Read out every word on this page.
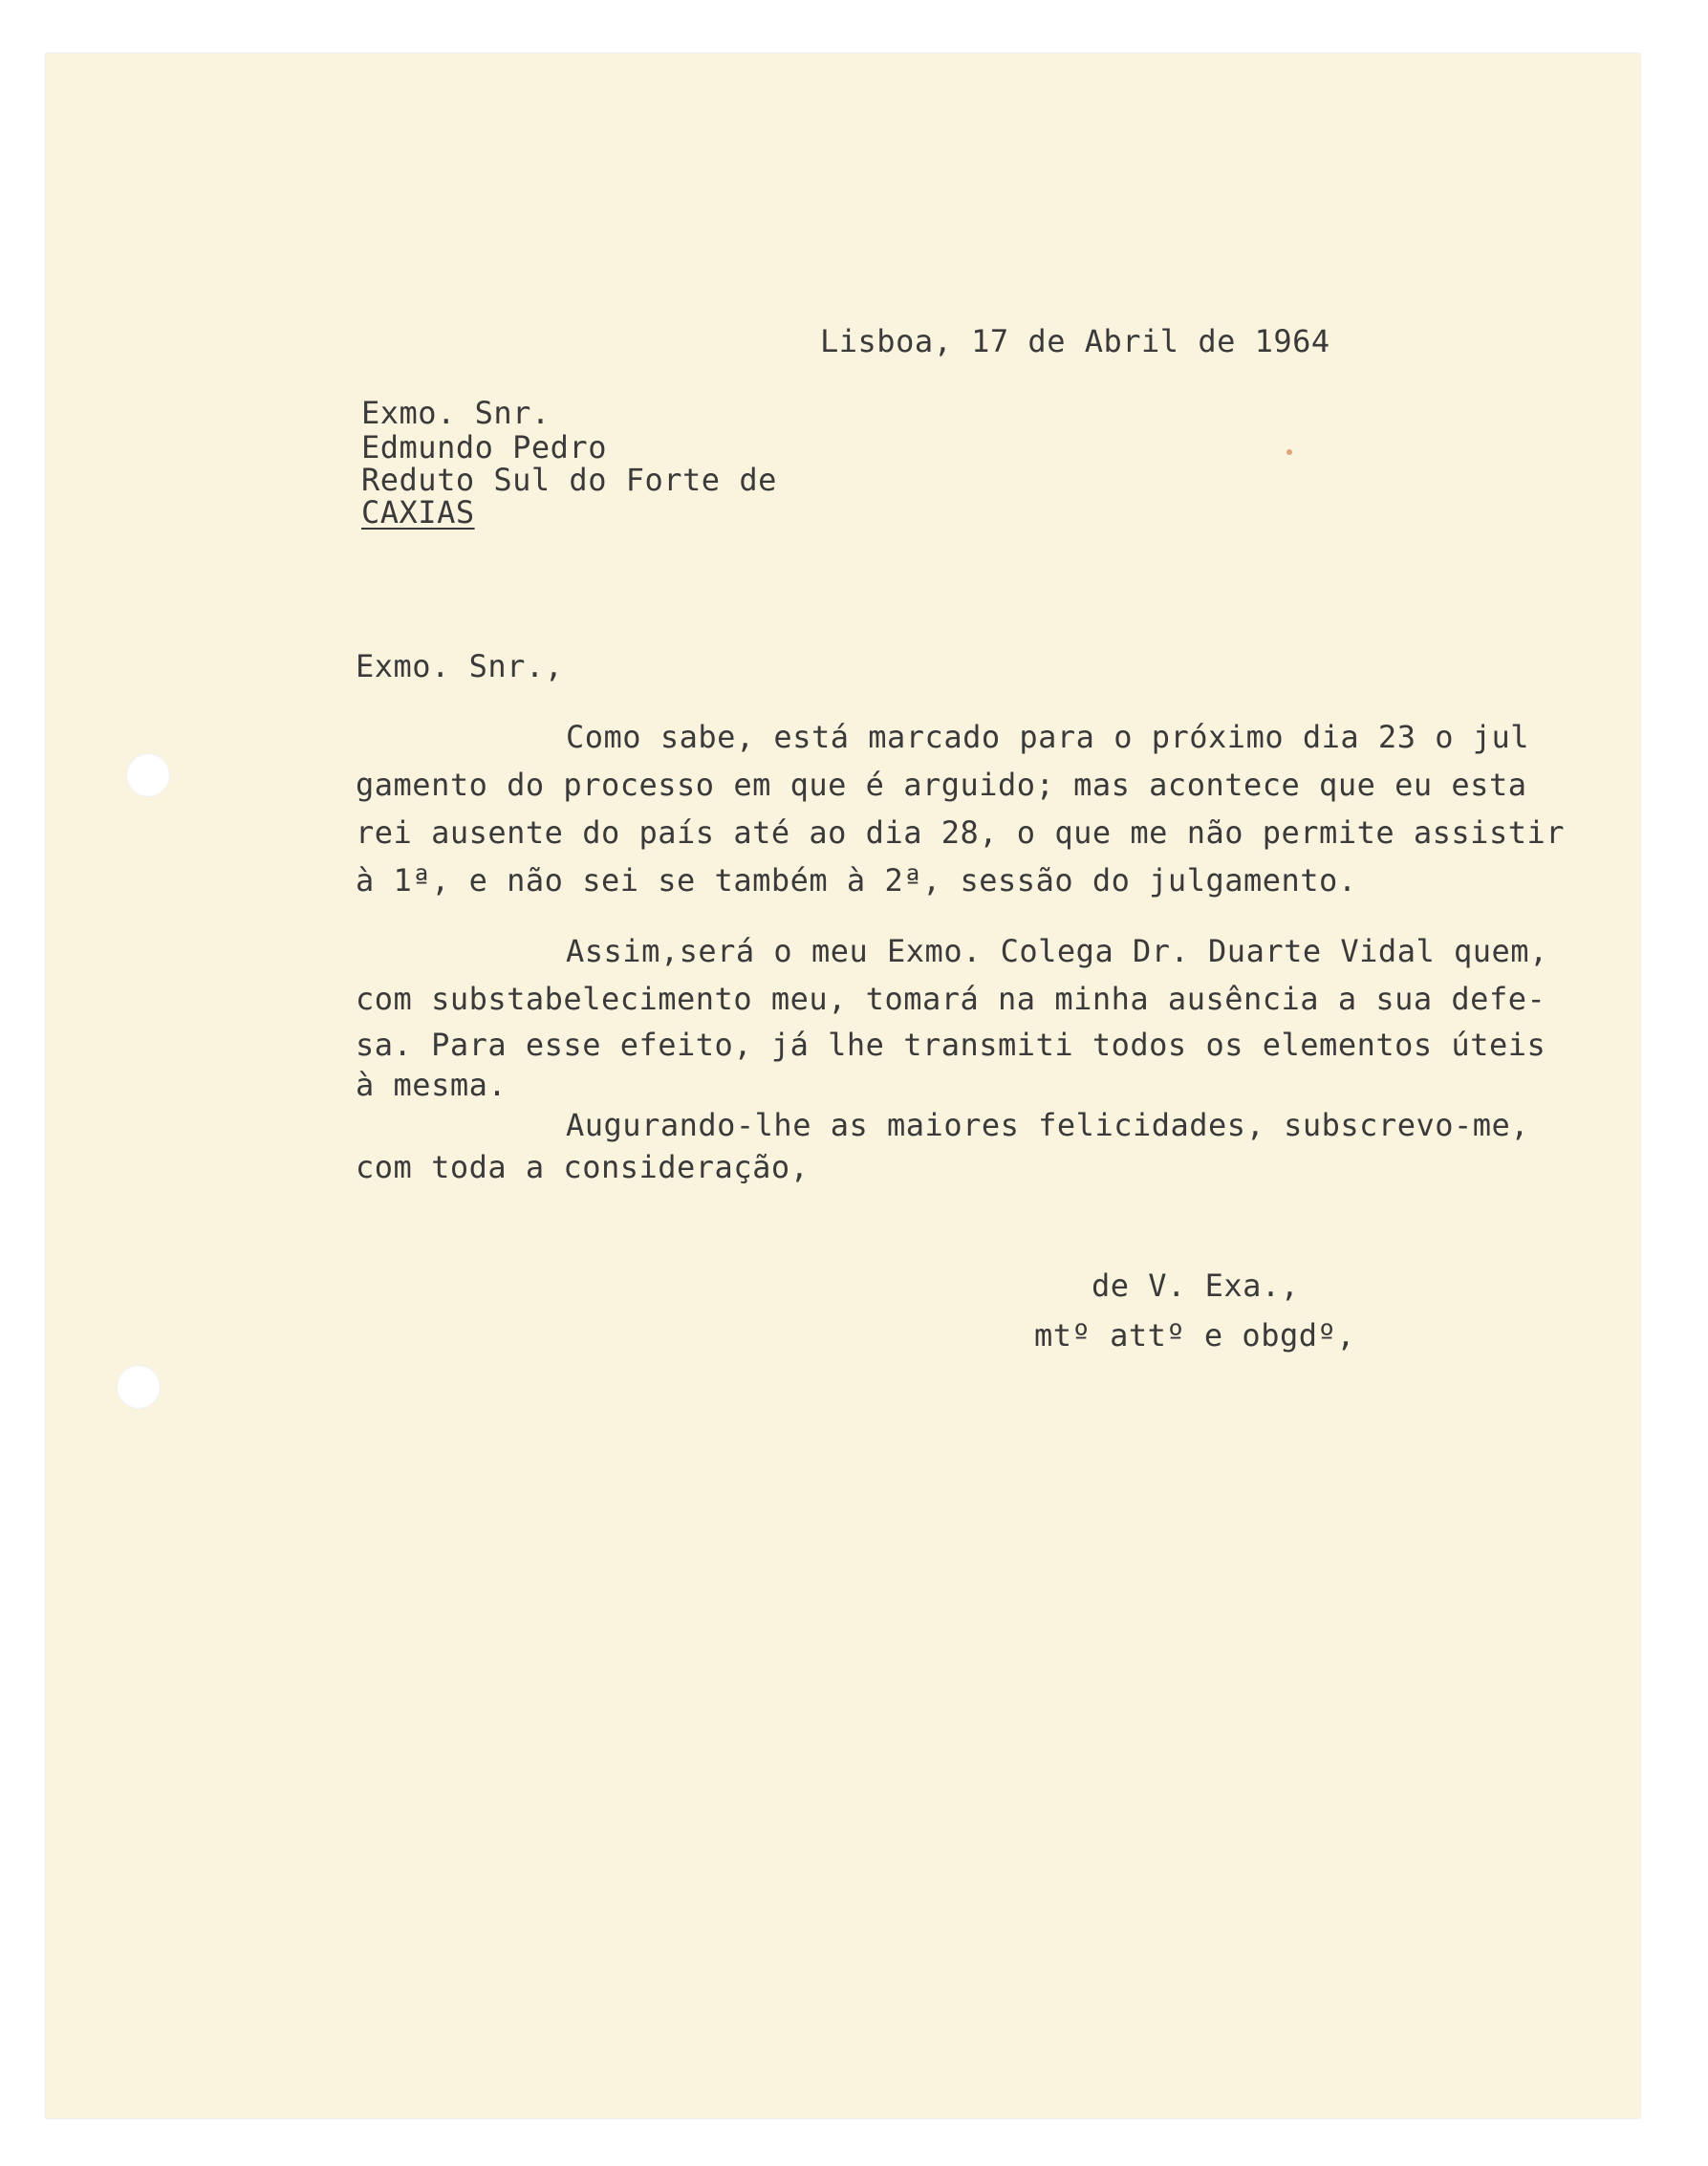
Lisboa, 17 de Abril de 1964
Exmo. Snr.
Edmundo Pedro
Reduto Sul do Forte de
CAXIAS
Exmo. Snr.,
Como sabe, está marcado para o próximo dia 23 o jul
gamento do processo em que é arguido; mas acontece que eu esta
rei ausente do país até ao dia 28, o que me não permite assistir
à 1ª, e não sei se também à 2ª, sessão do julgamento.
Assim,será o meu Exmo. Colega Dr. Duarte Vidal quem,
com substabelecimento meu, tomará na minha ausência a sua defe-
sa. Para esse efeito, já lhe transmiti todos os elementos úteis
à mesma.
Augurando-lhe as maiores felicidades, subscrevo-me,
com toda a consideração,
de V. Exa.,
mtº attº e obgdº,
